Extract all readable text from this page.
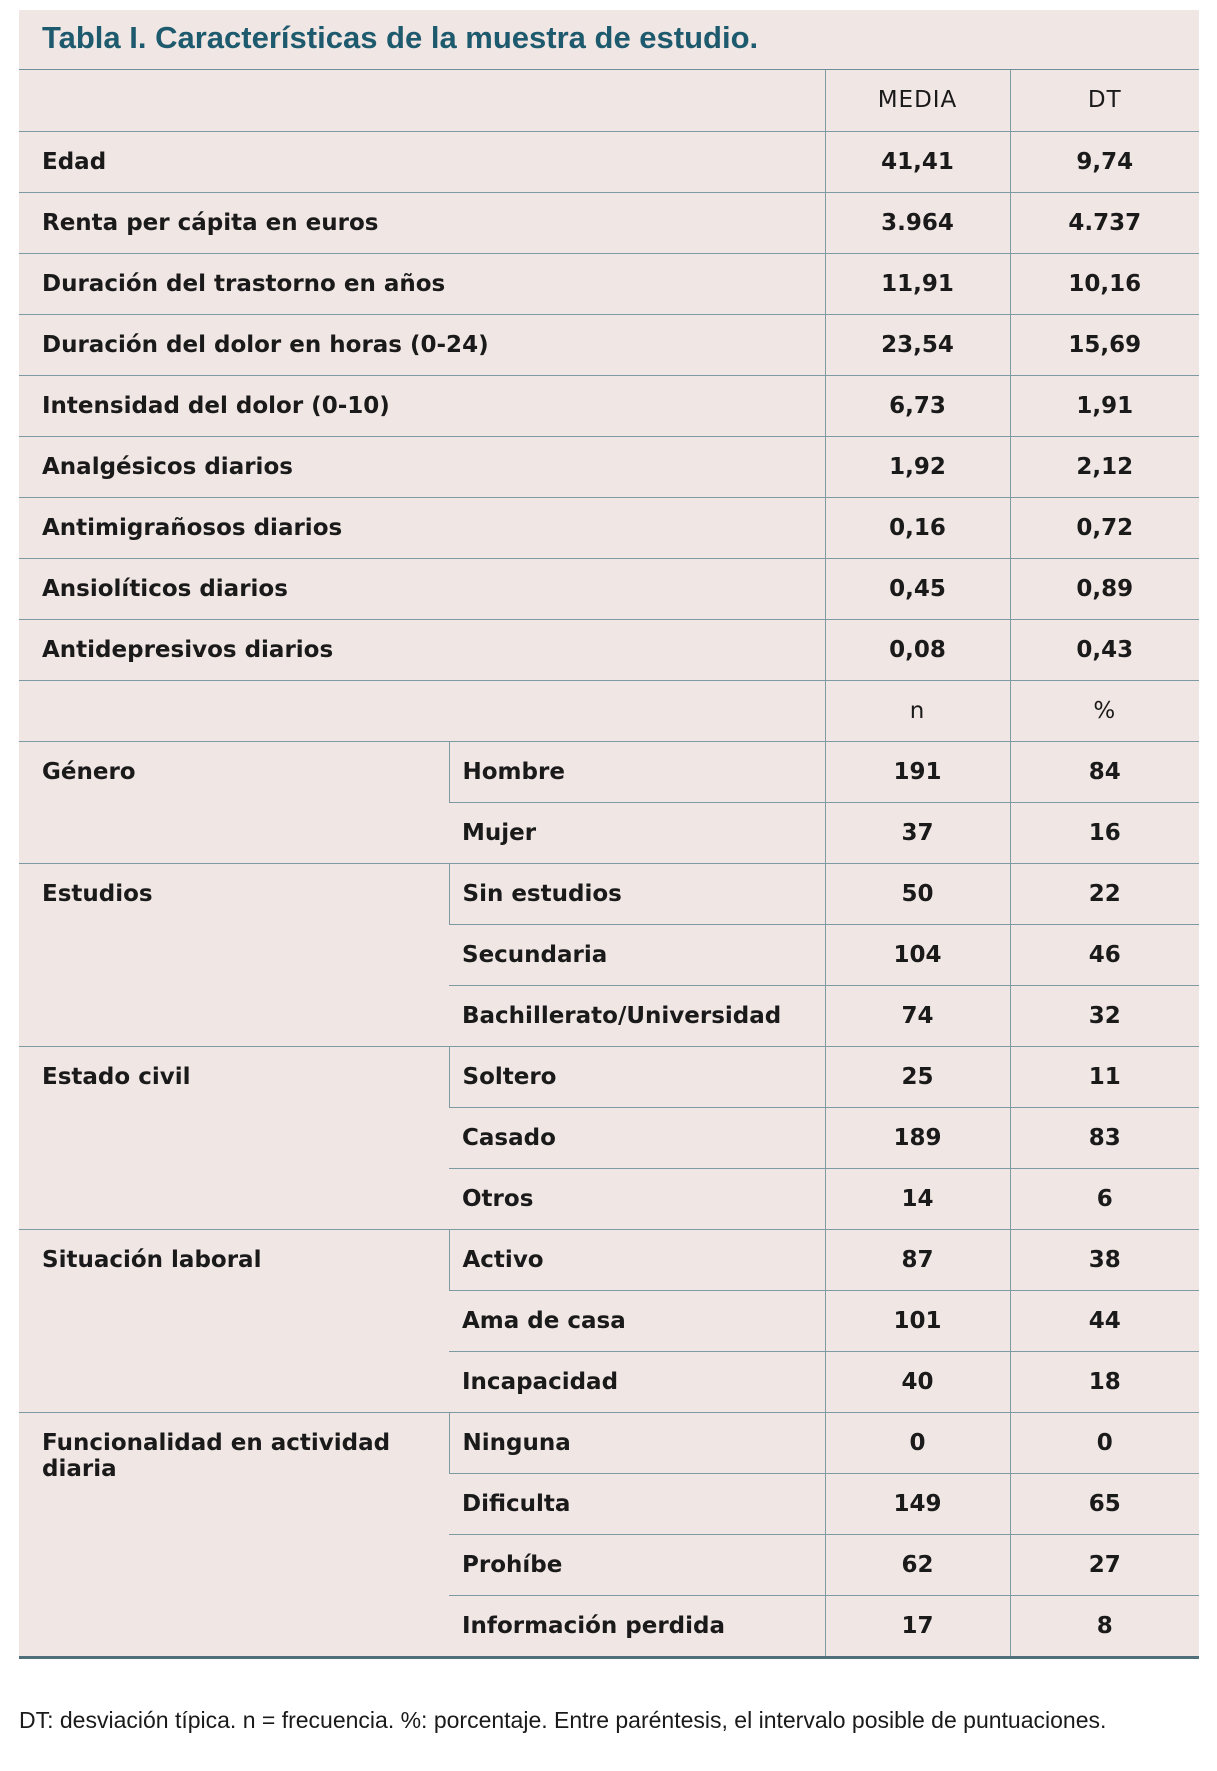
Tabla I. Características de la muestra de estudio.
		MEDIA	DT
Edad		41,41	9,74
Renta per cápita en euros		3.964	4.737
Duración del trastorno en años		11,91	10,16
Duración del dolor en horas (0-24)		23,54	15,69
Intensidad del dolor (0-10)		6,73	1,91
Analgésicos diarios		1,92	2,12
Antimigrañosos diarios		0,16	0,72
Ansiolíticos diarios		0,45	0,89
Antidepresivos diarios		0,08	0,43
		n	%
Género	Hombre	191	84
	Mujer	37	16
Estudios	Sin estudios	50	22
	Secundaria	104	46
	Bachillerato/Universidad	74	32
Estado civil	Soltero	25	11
	Casado	189	83
	Otros	14	6
Situación laboral	Activo	87	38
	Ama de casa	101	44
	Incapacidad	40	18
Funcionalidad en actividad diaria	Ninguna	0	0
	Dificulta	149	65
	Prohíbe	62	27
	Información perdida	17	8
DT: desviación típica. n = frecuencia. %: porcentaje. Entre paréntesis, el intervalo posible de puntuaciones.
